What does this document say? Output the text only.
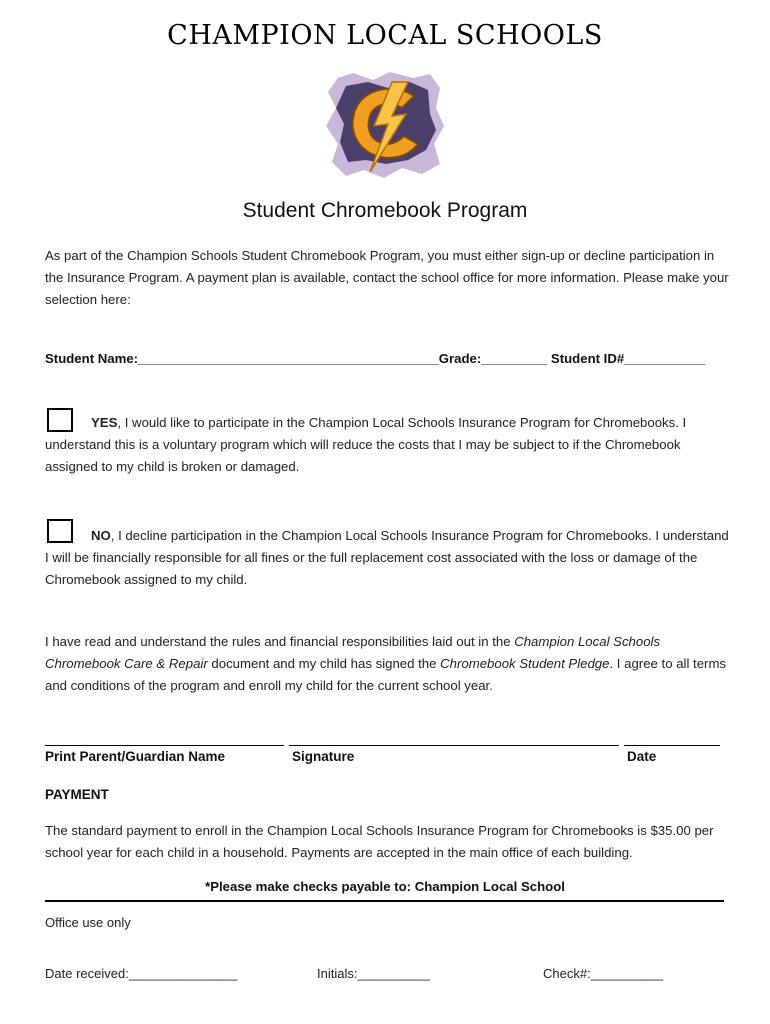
CHAMPION LOCAL SCHOOLS
Student Chromebook Program
As part of the Champion Schools Student Chromebook Program, you must either sign-up or decline participation in the Insurance Program. A payment plan is available, contact the school office for more information. Please make your selection here:
Student Name:_________________________________________Grade:_________ Student ID#___________
YES, I would like to participate in the Champion Local Schools Insurance Program for Chromebooks. I understand this is a voluntary program which will reduce the costs that I may be subject to if the Chromebook assigned to my child is broken or damaged.
NO, I decline participation in the Champion Local Schools Insurance Program for Chromebooks. I understand I will be financially responsible for all fines or the full replacement cost associated with the loss or damage of the Chromebook assigned to my child.
I have read and understand the rules and financial responsibilities laid out in the Champion Local Schools Chromebook Care & Repair document and my child has signed the Chromebook Student Pledge. I agree to all terms and conditions of the program and enroll my child for the current school year.
Print Parent/Guardian Name	Signature	Date
PAYMENT
The standard payment to enroll in the Champion Local Schools Insurance Program for Chromebooks is $35.00 per school year for each child in a household. Payments are accepted in the main office of each building.
*Please make checks payable to: Champion Local School
Office use only
Date received:_______________	Initials:__________	Check#:__________
